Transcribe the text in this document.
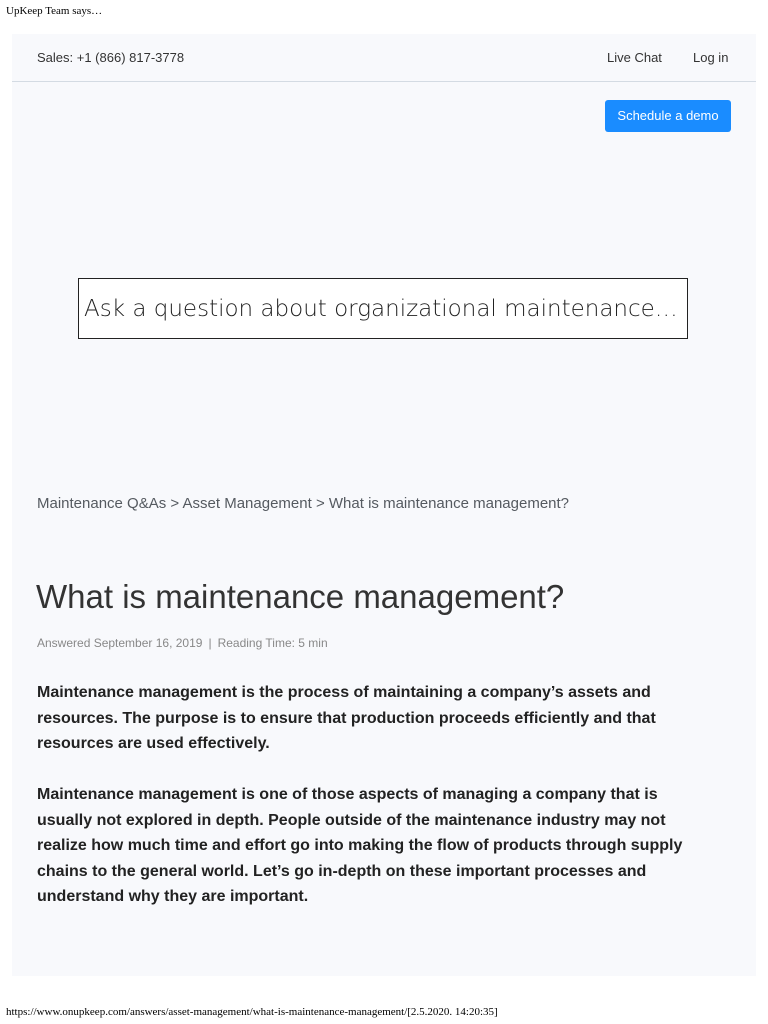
UpKeep Team says…
Sales: +1 (866) 817-3778	Live Chat Log in
Schedule a demo
Ask a question about organizational maintenance…
Maintenance Q&As > Asset Management > What is maintenance management?
What is maintenance management?
Answered September 16, 2019 | Reading Time: 5 min

Maintenance management is the process of maintaining a company’s assets and resources. The purpose is to ensure that production proceeds efficiently and that resources are used effectively.

Maintenance management is one of those aspects of managing a company that is usually not explored in depth. People outside of the maintenance industry may not realize how much time and effort go into making the flow of products through supply chains to the general world. Let’s go in-depth on these important processes and understand why they are important.

https://www.onupkeep.com/answers/asset-management/what-is-maintenance-management/[2.5.2020. 14:20:35]
